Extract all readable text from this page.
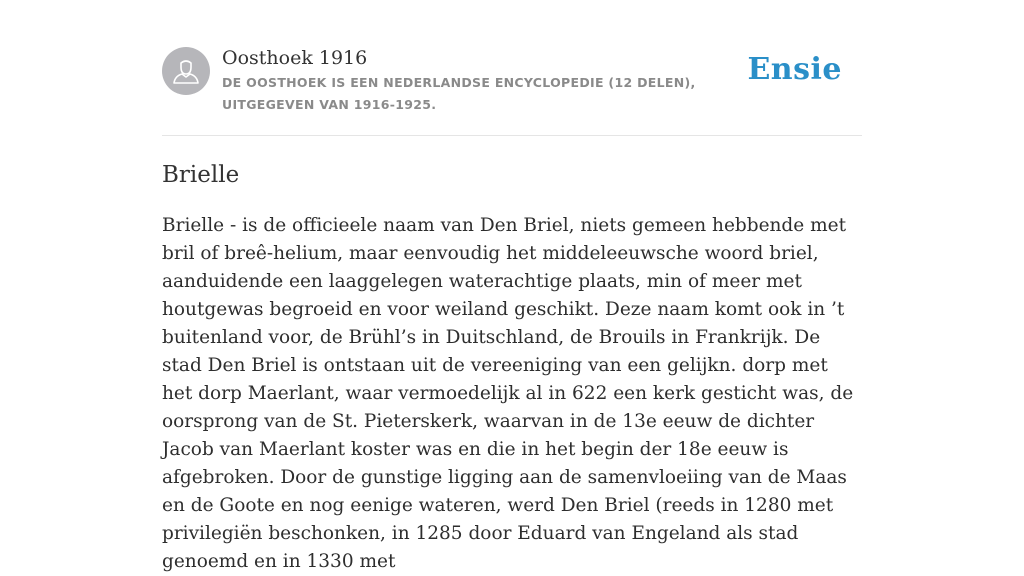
Oosthoek 1916
DE OOSTHOEK IS EEN NEDERLANDSE ENCYCLOPEDIE (12 DELEN), UITGEGEVEN VAN 1916-1925.
Ensie
Brielle

Brielle - is de officieele naam van Den Briel, niets gemeen hebbende met bril of breê-helium, maar eenvoudig het middeleeuwsche woord briel, aanduidende een laaggelegen waterachtige plaats, min of meer met houtgewas begroeid en voor weiland geschikt. Deze naam komt ook in ’t buitenland voor, de Brühl’s in Duitschland, de Brouils in Frankrijk. De stad Den Briel is ontstaan uit de vereeniging van een gelijkn. dorp met het dorp Maerlant, waar vermoedelijk al in 622 een kerk gesticht was, de oorsprong van de St. Pieterskerk, waarvan in de 13e eeuw de dichter Jacob van Maerlant koster was en die in het begin der 18e eeuw is afgebroken. Door de gunstige ligging aan de samenvloeiing van de Maas en de Goote en nog eenige wateren, werd Den Briel (reeds in 1280 met privilegiën beschonken, in 1285 door Eduard van Engeland als stad genoemd en in 1330 met
